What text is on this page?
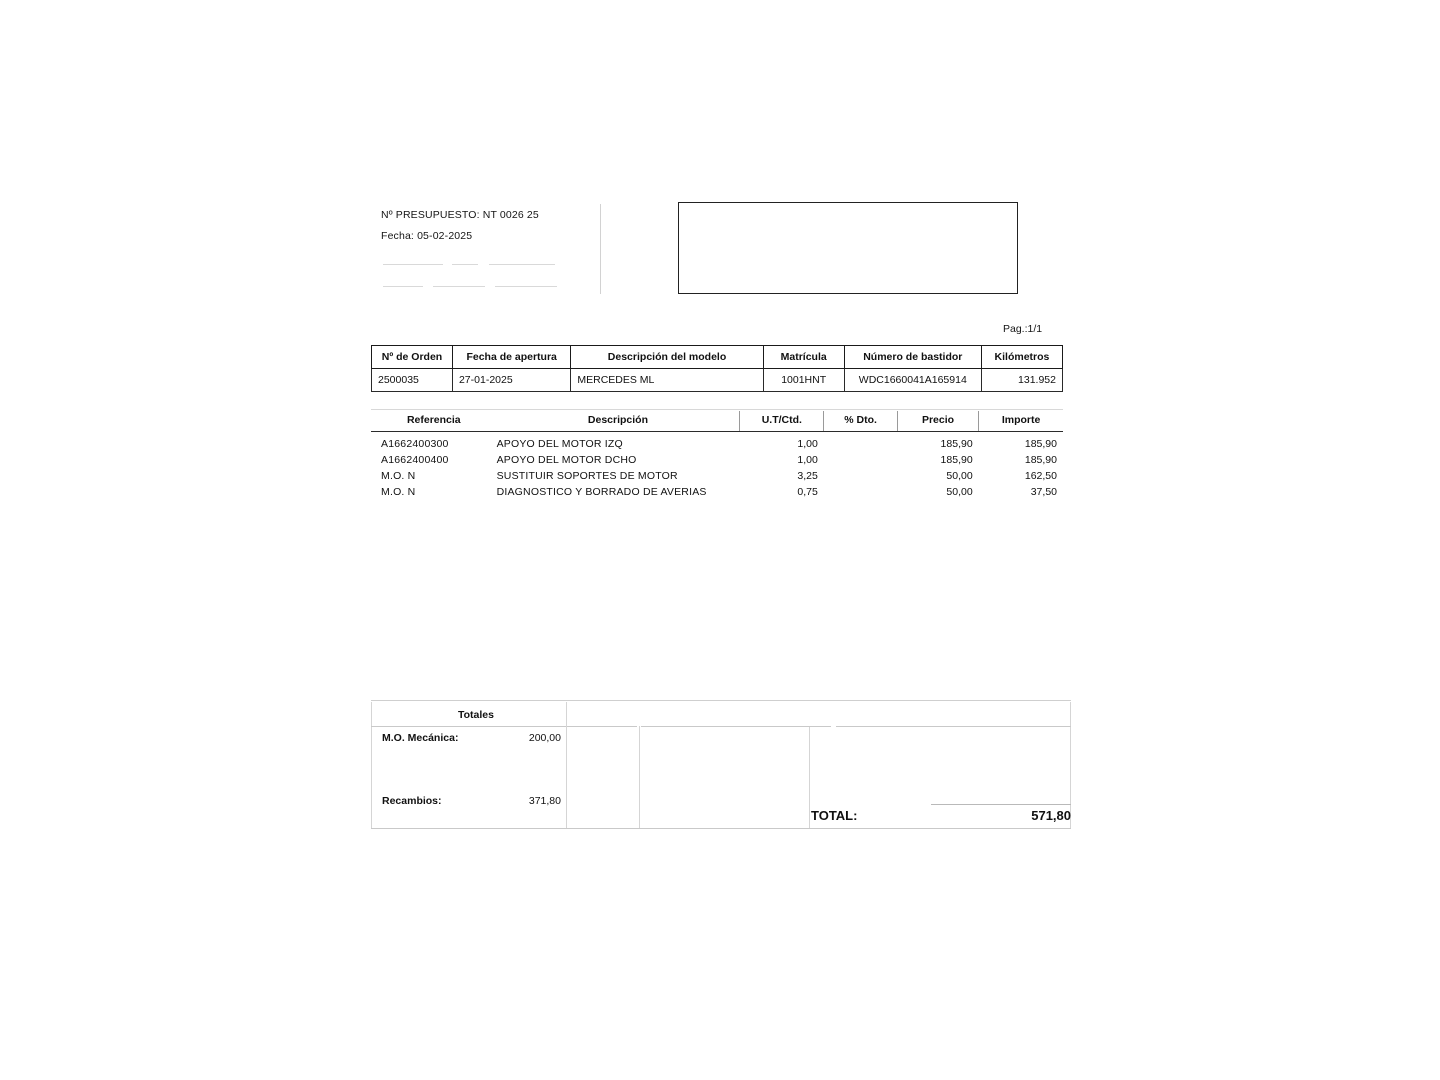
Nº PRESUPUESTO: NT 0026 25
Fecha: 05-02-2025
Pag.:1/1
Nº de Orden	Fecha de apertura	Descripción del modelo	Matrícula	Número de bastidor	Kilómetros
2500035	27-01-2025	MERCEDES ML	1001HNT	WDC1660041A165914	131.952
Referencia	Descripción	U.T/Ctd.	% Dto.	Precio	Importe
A1662400300	APOYO DEL MOTOR IZQ	1,00		185,90	185,90
A1662400400	APOYO DEL MOTOR DCHO	1,00		185,90	185,90
M.O. N	SUSTITUIR SOPORTES DE MOTOR	3,25		50,00	162,50
M.O. N	DIAGNOSTICO Y BORRADO DE AVERIAS	0,75		50,00	37,50
Totales
M.O. Mecánica:	200,00
Recambios:	371,80
TOTAL:	571,80
